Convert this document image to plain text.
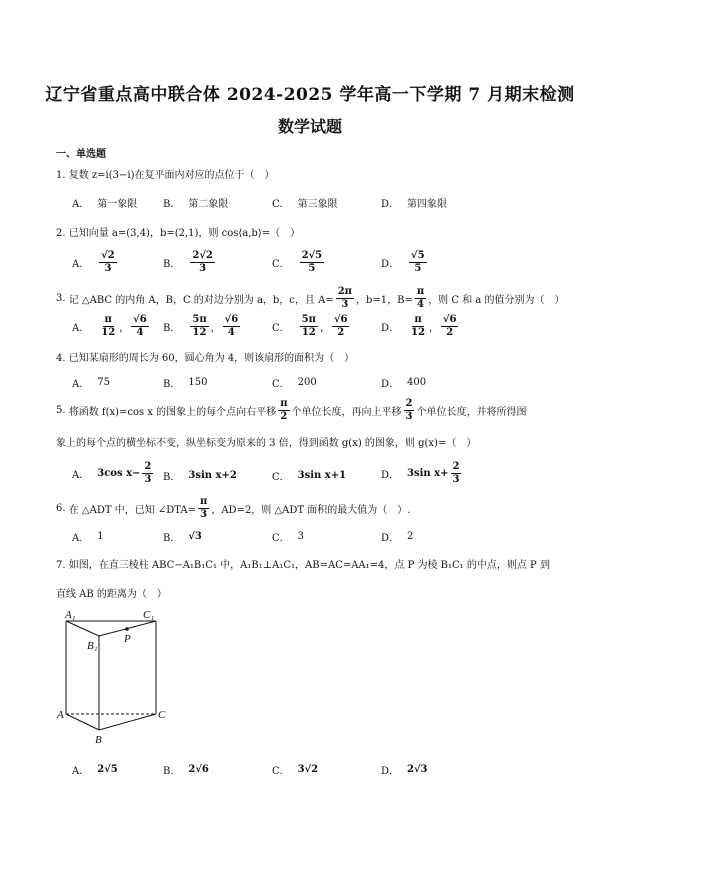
辽宁省重点高中联合体 2024-2025 学年高一下学期 7 月期末检测
数学试题
一、单选题
1. 复数 z=i(3−i)在复平面内对应的点位于（　）
A． 第一象限	B． 第二象限	C． 第三象限	D． 第四象限
2. 已知向量 a=(3,4)，b=(2,1)，则 cos⟨a,b⟩=（　）
A． $\frac{√2}{3}$	B． $\frac{2√2}{3}$	C． $\frac{2√5}{5}$	D． $\frac{√5}{5}$
3.
记 △ABC 的内角 A，B，C 的对边分别为 a，b，c，且 $A= \frac{2\pi}{3}$ ，b=1，$B= \frac{\pi}{4}$ ，则 C 和 a 的值分别为（　）
A． $\frac{\pi}{12}$ ， $\frac{√6}{4}$ B． $\frac{5\pi}{12}$ ， $\frac{√6}{4}$	C． $\frac{5\pi}{12}$ ， $\frac{√6}{2}$	D． $\frac{\pi}{12}$ ， $\frac{√6}{2}$
4. 已知某扇形的周长为 60，圆心角为 4，则该扇形的面积为（　）
A． 75	B． 150	C． 200	D． 400
5.
将函数 f(x)=cos x 的图象上的每个点向右平移 $\frac{\pi}{2}$ 个单位长度，再向上平移 $\frac{2}{3}$ 个单位长度，并将所得图
象上的每个点的横坐标不变，纵坐标变为原来的 3 倍，得到函数 g(x) 的图象，则 g(x)=（　）
A． 3cos $x- \frac{2}{3}$ B． 3sin x+2	C． 3sin x+1	D． 3sin $x+ \frac{2}{3}$
6.
在 △ADT 中，已知 ∠DTA= $\frac{\pi}{3}$ ，AD=2，则 △ADT 面积的最大值为（　）.
A． 1	B． √3	C． 3	D． 2
7. 如图，在直三棱柱 ABC−A₁B₁C₁ 中，A₁B₁⊥A₁C₁，AB=AC=AA₁=4，点 P 为棱 B₁C₁ 的中点，则点 P 到
直线 AB 的距离为（　）
A₁	C₁
B₁
P
A	C
B
A． 2√5	B． 2√6	C． 3√2	D． 2√3
